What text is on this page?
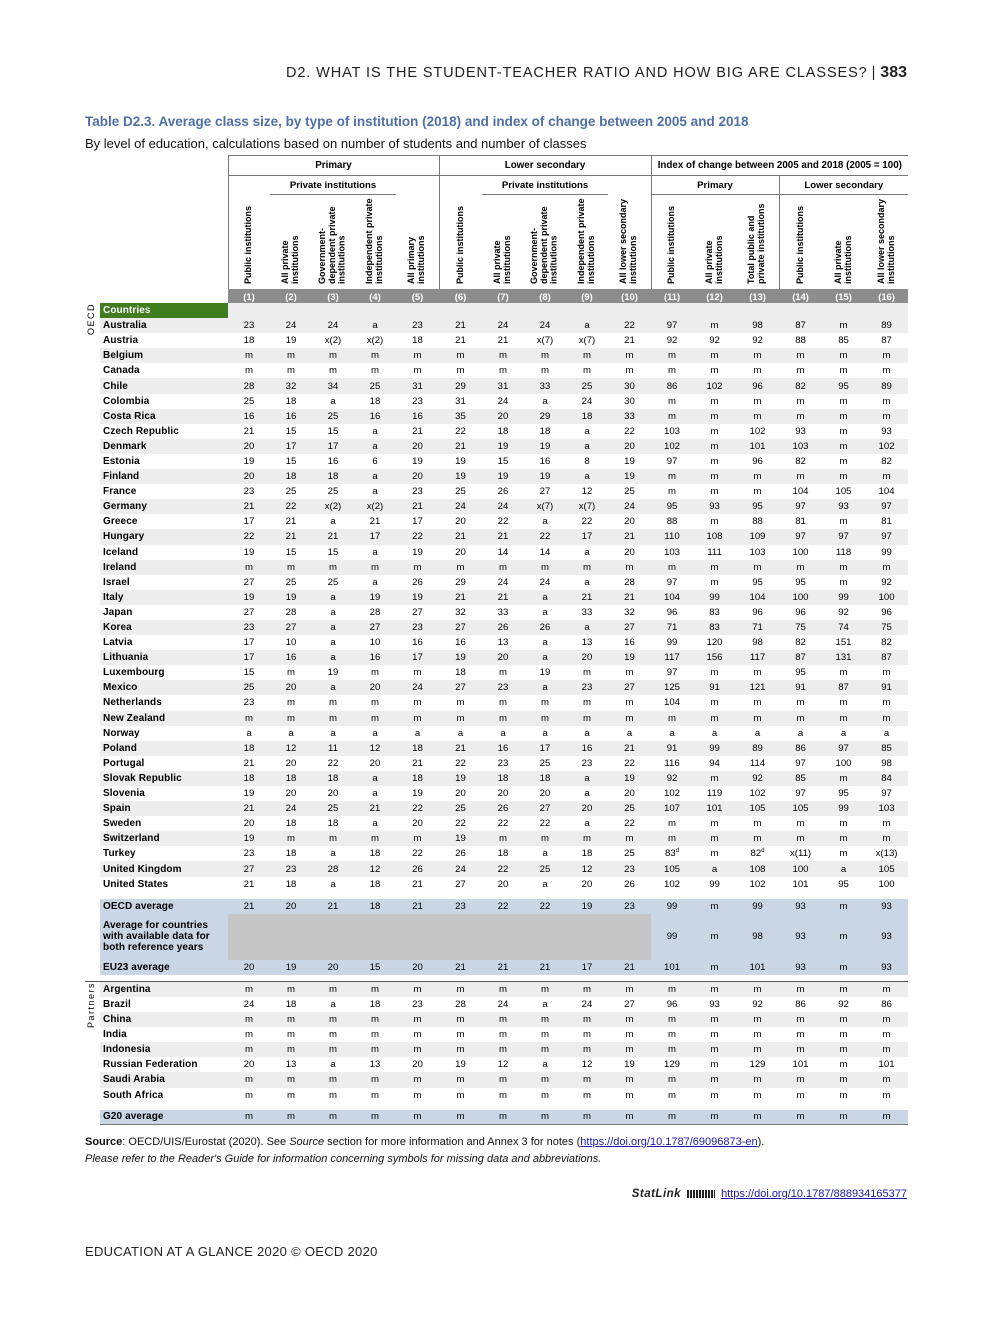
D2. WHAT IS THE STUDENT-TEACHER RATIO AND HOW BIG ARE CLASSES? | 383
Table D2.3. Average class size, by type of institution (2018) and index of change between 2005 and 2018
By level of education, calculations based on number of students and number of classes
		Primary					Lower secondary					Index of change between 2005 and 2018 (2005 = 100)					
			Private institutions					Private institutions				Primary			Lower secondary		
		Public institutions	All private institutions	Government-dependent private institutions	Independent private institutions	All primary institutions	Public institutions	All private institutions	Government-dependent private institutions	Independent private institutions	All lower secondary institutions	Public institutions	All private institutions	Total public and private institutions	Public institutions	All private institutions	All lower secondary institutions
		(1)	(2)	(3)	(4)	(5)	(6)	(7)	(8)	(9)	(10)	(11)	(12)	(13)	(14)	(15)	(16)

OECD	Countries																
	Australia	23	24	24	a	23	21	24	24	a	22	97	m	98	87	m	89
	Austria	18	19	x(2)	x(2)	18	21	21	x(7)	x(7)	21	92	92	92	88	85	87
	Belgium	m	m	m	m	m	m	m	m	m	m	m	m	m	m	m	m
	Canada	m	m	m	m	m	m	m	m	m	m	m	m	m	m	m	m
	Chile	28	32	34	25	31	29	31	33	25	30	86	102	96	82	95	89
	Colombia	25	18	a	18	23	31	24	a	24	30	m	m	m	m	m	m
	Costa Rica	16	16	25	16	16	35	20	29	18	33	m	m	m	m	m	m
	Czech Republic	21	15	15	a	21	22	18	18	a	22	103	m	102	93	m	93
	Denmark	20	17	17	a	20	21	19	19	a	20	102	m	101	103	m	102
	Estonia	19	15	16	6	19	19	15	16	8	19	97	m	96	82	m	82
	Finland	20	18	18	a	20	19	19	19	a	19	m	m	m	m	m	m
	France	23	25	25	a	23	25	26	27	12	25	m	m	m	104	105	104
	Germany	21	22	x(2)	x(2)	21	24	24	x(7)	x(7)	24	95	93	95	97	93	97
	Greece	17	21	a	21	17	20	22	a	22	20	88	m	88	81	m	81
	Hungary	22	21	21	17	22	21	21	22	17	21	110	108	109	97	97	97
	Iceland	19	15	15	a	19	20	14	14	a	20	103	111	103	100	118	99
	Ireland	m	m	m	m	m	m	m	m	m	m	m	m	m	m	m	m
	Israel	27	25	25	a	26	29	24	24	a	28	97	m	95	95	m	92
	Italy	19	19	a	19	19	21	21	a	21	21	104	99	104	100	99	100
	Japan	27	28	a	28	27	32	33	a	33	32	96	83	96	96	92	96
	Korea	23	27	a	27	23	27	26	26	a	27	71	83	71	75	74	75
	Latvia	17	10	a	10	16	16	13	a	13	16	99	120	98	82	151	82
	Lithuania	17	16	a	16	17	19	20	a	20	19	117	156	117	87	131	87
	Luxembourg	15	m	19	m	m	18	m	19	m	m	97	m	m	95	m	m
	Mexico	25	20	a	20	24	27	23	a	23	27	125	91	121	91	87	91
	Netherlands	23	m	m	m	m	m	m	m	m	m	104	m	m	m	m	m
	New Zealand	m	m	m	m	m	m	m	m	m	m	m	m	m	m	m	m
	Norway	a	a	a	a	a	a	a	a	a	a	a	a	a	a	a	a
	Poland	18	12	11	12	18	21	16	17	16	21	91	99	89	86	97	85
	Portugal	21	20	22	20	21	22	23	25	23	22	116	94	114	97	100	98
	Slovak Republic	18	18	18	a	18	19	18	18	a	19	92	m	92	85	m	84
	Slovenia	19	20	20	a	19	20	20	20	a	20	102	119	102	97	95	97
	Spain	21	24	25	21	22	25	26	27	20	25	107	101	105	105	99	103
	Sweden	20	18	18	a	20	22	22	22	a	22	m	m	m	m	m	m
	Switzerland	19	m	m	m	m	19	m	m	m	m	m	m	m	m	m	m
	Turkey	23	18	a	18	22	26	18	a	18	25	83$^d$	m	82$^d$	x(11)	m	x(13)
	United Kingdom	27	23	28	12	26	24	22	25	12	23	105	a	108	100	a	105
	United States	21	18	a	18	21	27	20	a	20	26	102	99	102	101	95	100

	OECD average	21	20	21	18	21	23	22	22	19	23	99	m	99	93	m	93
	Average for countries with available data for both reference years											99	m	98	93	m	93
	EU23 average	20	19	20	15	20	21	21	21	17	21	101	m	101	93	m	93

Partners	Argentina	m	m	m	m	m	m	m	m	m	m	m	m	m	m	m	m
	Brazil	24	18	a	18	23	28	24	a	24	27	96	93	92	86	92	86
	China	m	m	m	m	m	m	m	m	m	m	m	m	m	m	m	m
	India	m	m	m	m	m	m	m	m	m	m	m	m	m	m	m	m
	Indonesia	m	m	m	m	m	m	m	m	m	m	m	m	m	m	m	m
	Russian Federation	20	13	a	13	20	19	12	a	12	19	129	m	129	101	m	101
	Saudi Arabia	m	m	m	m	m	m	m	m	m	m	m	m	m	m	m	m
	South Africa	m	m	m	m	m	m	m	m	m	m	m	m	m	m	m	m

	G20 average	m	m	m	m	m	m	m	m	m	m	m	m	m	m	m	m
Source: OECD/UIS/Eurostat (2020). See Source section for more information and Annex 3 for notes (https://doi.org/10.1787/69096873-en).
Please refer to the Reader's Guide for information concerning symbols for missing data and abbreviations.
StatLink	https://doi.org/10.1787/888934165377
EDUCATION AT A GLANCE 2020 © OECD 2020
